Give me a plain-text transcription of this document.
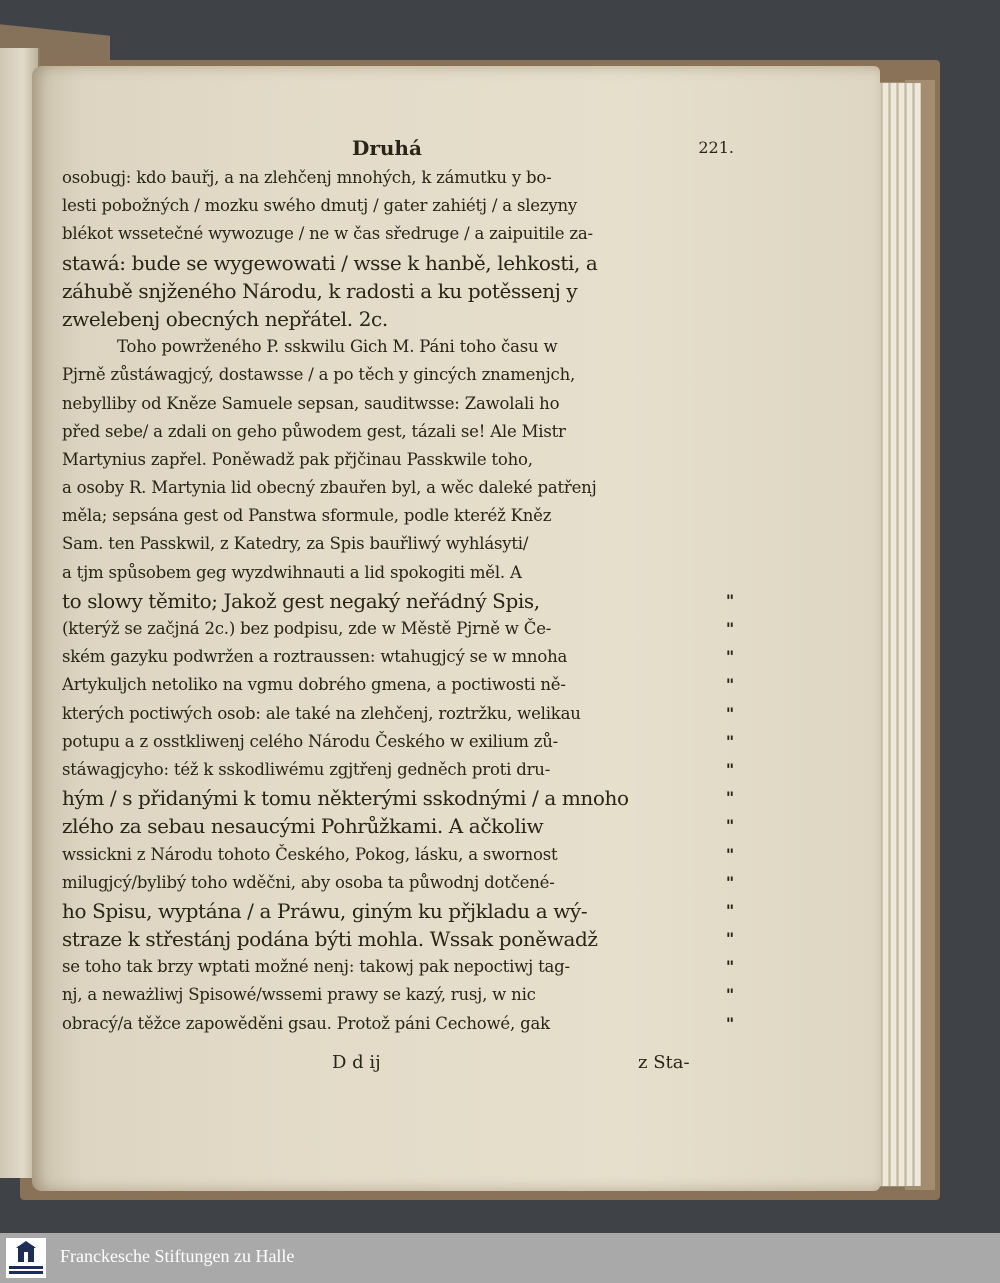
Druhá	221.
osobugj: kdo bauřj, a na zlehčenj mnohých, k zámutku y bo-
lesti pobožných / mozku swého dmutj / gater zahiétj / a slezyny
blékot wssetečné wywozuge / ne w čas sředruge / a zaipuitile za-
stawá: bude se wygewowati / wsse k hanbě, lehkosti, a
záhubě snjženého Národu, k radosti a ku potěssenj y
zwelebenj obecných nepřátel. 2c.
Toho powrženého P. sskwilu Gich M. Páni toho času w
Pjrně zůstáwagjcý, dostawsse / a po těch y gincých znamenjch,
nebylliby od Kněze Samuele sepsan, sauditwsse: Zawolali ho
před sebe/ a zdali on geho půwodem gest, tázali se! Ale Mistr
Martynius zapřel. Poněwadž pak přjčinau Passkwile toho,
a osoby R. Martynia lid obecný zbauřen byl, a wěc daleké patřenj
měla; sepsána gest od Panstwa sformule, podle kteréž Kněz
Sam. ten Passkwil, z Katedry, za Spis bauřliwý wyhlásyti/
a tjm spůsobem geg wyzdwihnauti a lid spokogiti měl. A
to slowy těmito; Jakož gest negaký neřádný Spis,
(kterýž se začjná 2c.) bez podpisu, zde w Městě Pjrně w Če-
ském gazyku podwržen a roztraussen: wtahugjcý se w mnoha
Artykuljch netoliko na vgmu dobrého gmena, a poctiwosti ně-
kterých poctiwých osob: ale také na zlehčenj, roztržku, welikau
potupu a z osstkliwenj celého Národu Českého w exilium zů-
stáwagjcyho: též k sskodliwému zgjtřenj gedněch proti dru-
hým / s přidanými k tomu některými sskodnými / a mnoho
zlého za sebau nesaucými Pohrůžkami. A ačkoliw
wssickni z Národu tohoto Českého, Pokog, lásku, a swornost
milugjcý/bylibý toho wděčni, aby osoba ta půwodnj dotčené-
ho Spisu, wyptána / a Práwu, giným ku přjkladu a wý-
straze k střestánj podána býti mohla. Wssak poněwadž
se toho tak brzy wptati možné nenj: takowj pak nepoctiwj tag-
nj, a neważliwj Spisowé/wssemi prawy se kazý, rusj, w nic
obracý/a těžce zapowěděni gsau. Protož páni Cechowé, gak
"
"
"
"
"
"
"
"
"
"
"
"
"
"
"
"
D d ij	z Sta-
Franckesche Stiftungen zu Halle
